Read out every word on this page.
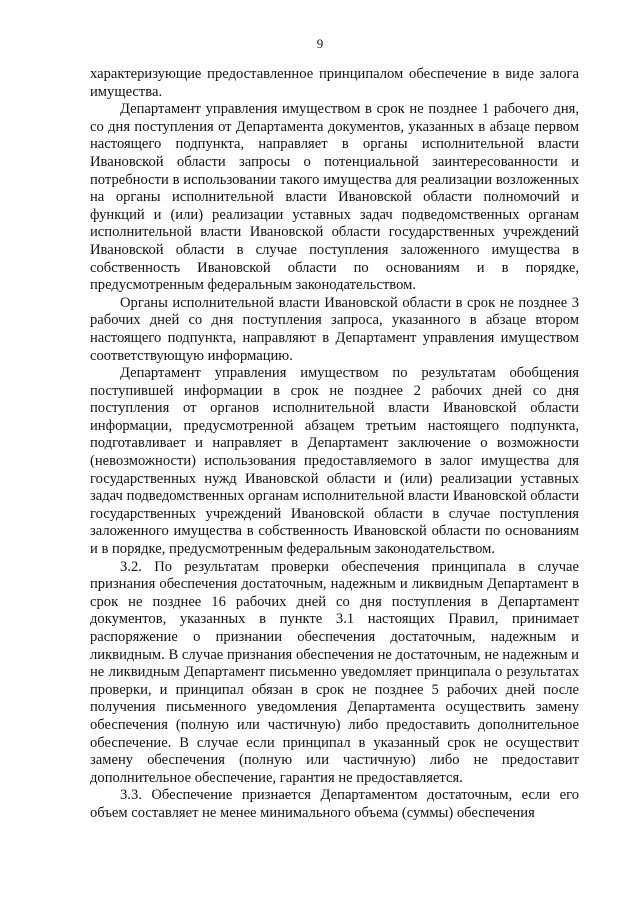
9

характеризующие предоставленное принципалом обеспечение в виде залога имущества.

Департамент управления имуществом в срок не позднее 1 рабочего дня, со дня поступления от Департамента документов, указанных в абзаце первом настоящего подпункта, направляет в органы исполнительной власти Ивановской области запросы о потенциальной заинтересованности и потребности в использовании такого имущества для реализации возложенных на органы исполнительной власти Ивановской области полномочий и функций и (или) реализации уставных задач подведомственных органам исполнительной власти Ивановской области государственных учреждений Ивановской области в случае поступления заложенного имущества в собственность Ивановской области по основаниям и в порядке, предусмотренным федеральным законодательством.

Органы исполнительной власти Ивановской области в срок не позднее 3 рабочих дней со дня поступления запроса, указанного в абзаце втором настоящего подпункта, направляют в Департамент управления имуществом соответствующую информацию.

Департамент управления имуществом по результатам обобщения поступившей информации в срок не позднее 2 рабочих дней со дня поступления от органов исполнительной власти Ивановской области информации, предусмотренной абзацем третьим настоящего подпункта, подготавливает и направляет в Департамент заключение о возможности (невозможности) использования предоставляемого в залог имущества для государственных нужд Ивановской области и (или) реализации уставных задач подведомственных органам исполнительной власти Ивановской области государственных учреждений Ивановской области в случае поступления заложенного имущества в собственность Ивановской области по основаниям и в порядке, предусмотренным федеральным законодательством.

3.2. По результатам проверки обеспечения принципала в случае признания обеспечения достаточным, надежным и ликвидным Департамент в срок не позднее 16 рабочих дней со дня поступления в Департамент документов, указанных в пункте 3.1 настоящих Правил, принимает распоряжение о признании обеспечения достаточным, надежным и ликвидным. В случае признания обеспечения не достаточным, не надежным и не ликвидным Департамент письменно уведомляет принципала о результатах проверки, и принципал обязан в срок не позднее 5 рабочих дней после получения письменного уведомления Департамента осуществить замену обеспечения (полную или частичную) либо предоставить дополнительное обеспечение. В случае если принципал в указанный срок не осуществит замену обеспечения (полную или частичную) либо не предоставит дополнительное обеспечение, гарантия не предоставляется.

3.3. Обеспечение признается Департаментом достаточным, если его объем составляет не менее минимального объема (суммы) обеспечения
